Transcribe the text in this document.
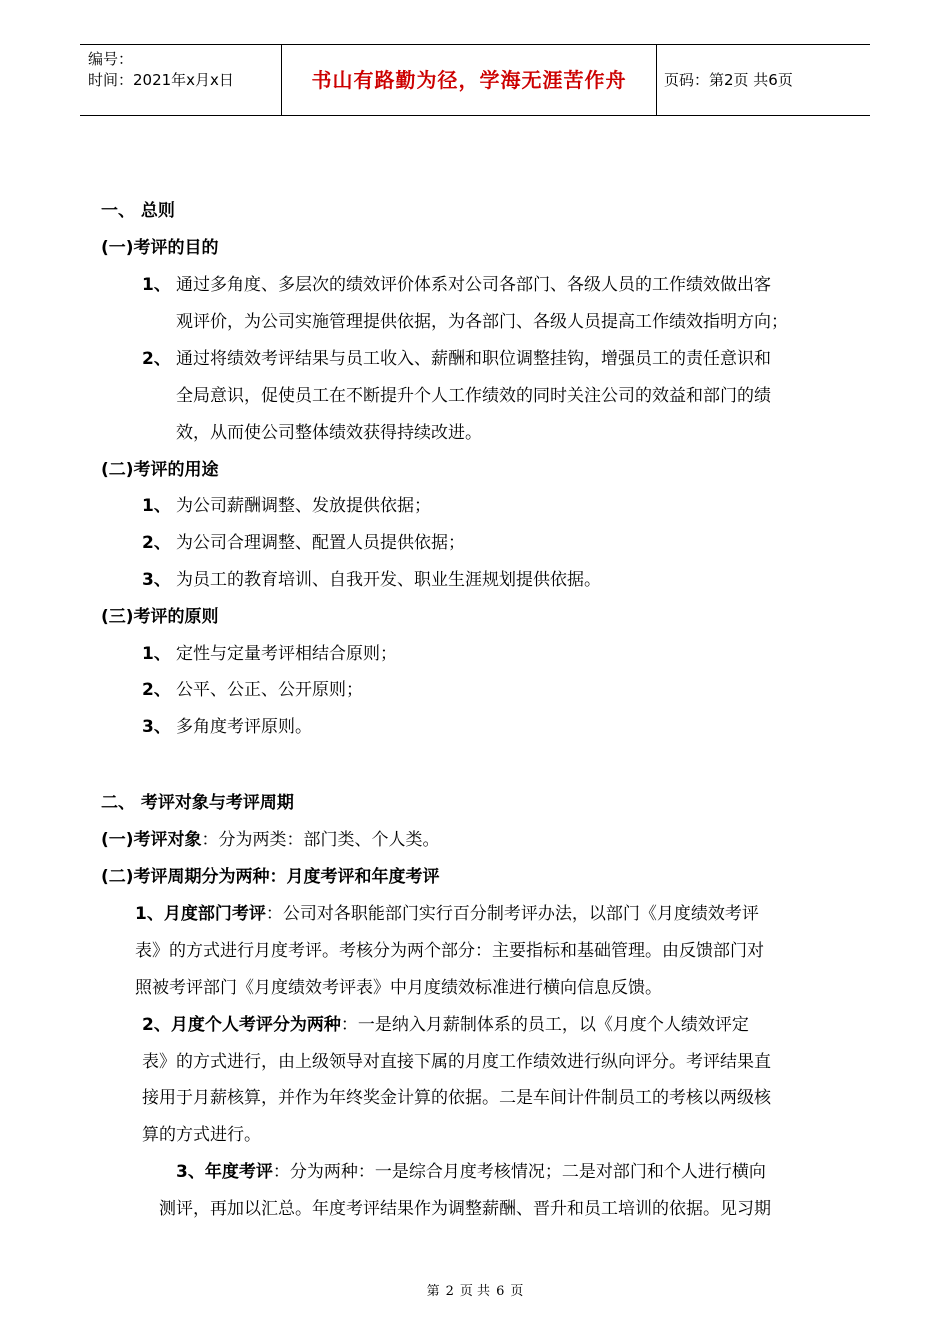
编号：
时间：2021年x月x日	书山有路勤为径，学海无涯苦作舟	页码：第2页 共6页
一、 总则
(一)考评的目的
1、 通过多角度、多层次的绩效评价体系对公司各部门、各级人员的工作绩效做出客
观评价，为公司实施管理提供依据，为各部门、各级人员提高工作绩效指明方向；
2、 通过将绩效考评结果与员工收入、薪酬和职位调整挂钩，增强员工的责任意识和
全局意识，促使员工在不断提升个人工作绩效的同时关注公司的效益和部门的绩
效，从而使公司整体绩效获得持续改进。
(二)考评的用途
1、 为公司薪酬调整、发放提供依据；
2、 为公司合理调整、配置人员提供依据；
3、 为员工的教育培训、自我开发、职业生涯规划提供依据。
(三)考评的原则
1、 定性与定量考评相结合原则；
2、 公平、公正、公开原则；
3、 多角度考评原则。
二、 考评对象与考评周期
(一)考评对象：分为两类：部门类、个人类。
(二)考评周期分为两种：月度考评和年度考评
1、月度部门考评：公司对各职能部门实行百分制考评办法，以部门《月度绩效考评
表》的方式进行月度考评。考核分为两个部分：主要指标和基础管理。由反馈部门对
照被考评部门《月度绩效考评表》中月度绩效标准进行横向信息反馈。
2、月度个人考评分为两种：一是纳入月薪制体系的员工，以《月度个人绩效评定
表》的方式进行，由上级领导对直接下属的月度工作绩效进行纵向评分。考评结果直
接用于月薪核算，并作为年终奖金计算的依据。二是车间计件制员工的考核以两级核
算的方式进行。
3、年度考评：分为两种：一是综合月度考核情况；二是对部门和个人进行横向
测评，再加以汇总。年度考评结果作为调整薪酬、晋升和员工培训的依据。见习期
第 2 页 共 6 页
